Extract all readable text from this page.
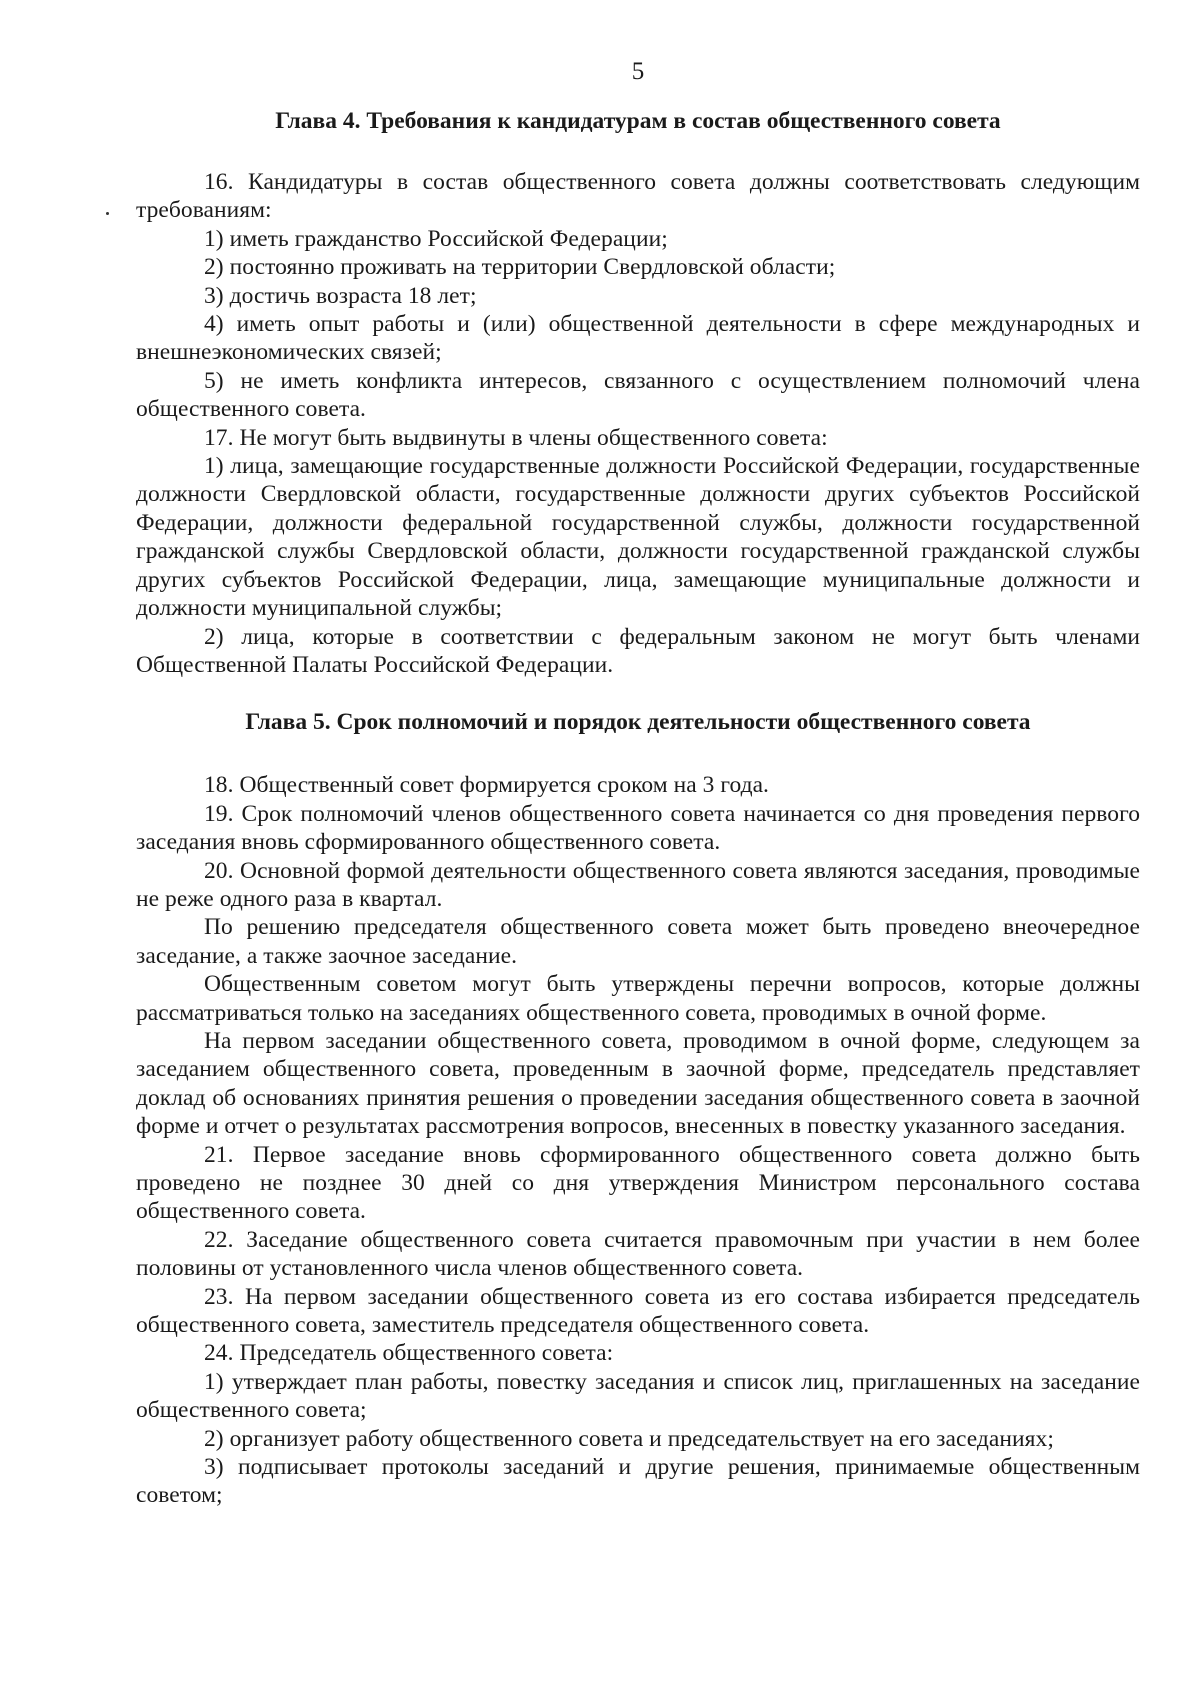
5
Глава 4. Требования к кандидатурам в состав общественного совета

16. Кандидатуры в состав общественного совета должны соответствовать следующим требованиям:

1) иметь гражданство Российской Федерации;

2) постоянно проживать на территории Свердловской области;

3) достичь возраста 18 лет;

4) иметь опыт работы и (или) общественной деятельности в сфере международных и внешнеэкономических связей;

5) не иметь конфликта интересов, связанного с осуществлением полномочий члена общественного совета.

17. Не могут быть выдвинуты в члены общественного совета:

1) лица, замещающие государственные должности Российской Федерации, государственные должности Свердловской области, государственные должности других субъектов Российской Федерации, должности федеральной государственной службы, должности государственной гражданской службы Свердловской области, должности государственной гражданской службы других субъектов Российской Федерации, лица, замещающие муниципальные должности и должности муниципальной службы;

2) лица, которые в соответствии с федеральным законом не могут быть членами Общественной Палаты Российской Федерации.

Глава 5. Срок полномочий и порядок деятельности общественного совета

18. Общественный совет формируется сроком на 3 года.

19. Срок полномочий членов общественного совета начинается со дня проведения первого заседания вновь сформированного общественного совета.

20. Основной формой деятельности общественного совета являются заседания, проводимые не реже одного раза в квартал.

По решению председателя общественного совета может быть проведено внеочередное заседание, а также заочное заседание.

Общественным советом могут быть утверждены перечни вопросов, которые должны рассматриваться только на заседаниях общественного совета, проводимых в очной форме.

На первом заседании общественного совета, проводимом в очной форме, следующем за заседанием общественного совета, проведенным в заочной форме, председатель представляет доклад об основаниях принятия решения о проведении заседания общественного совета в заочной форме и отчет о результатах рассмотрения вопросов, внесенных в повестку указанного заседания.

21. Первое заседание вновь сформированного общественного совета должно быть проведено не позднее 30 дней со дня утверждения Министром персонального состава общественного совета.

22. Заседание общественного совета считается правомочным при участии в нем более половины от установленного числа членов общественного совета.

23. На первом заседании общественного совета из его состава избирается председатель общественного совета, заместитель председателя общественного совета.

24. Председатель общественного совета:

1) утверждает план работы, повестку заседания и список лиц, приглашенных на заседание общественного совета;

2) организует работу общественного совета и председательствует на его заседаниях;

3) подписывает протоколы заседаний и другие решения, принимаемые общественным советом;
